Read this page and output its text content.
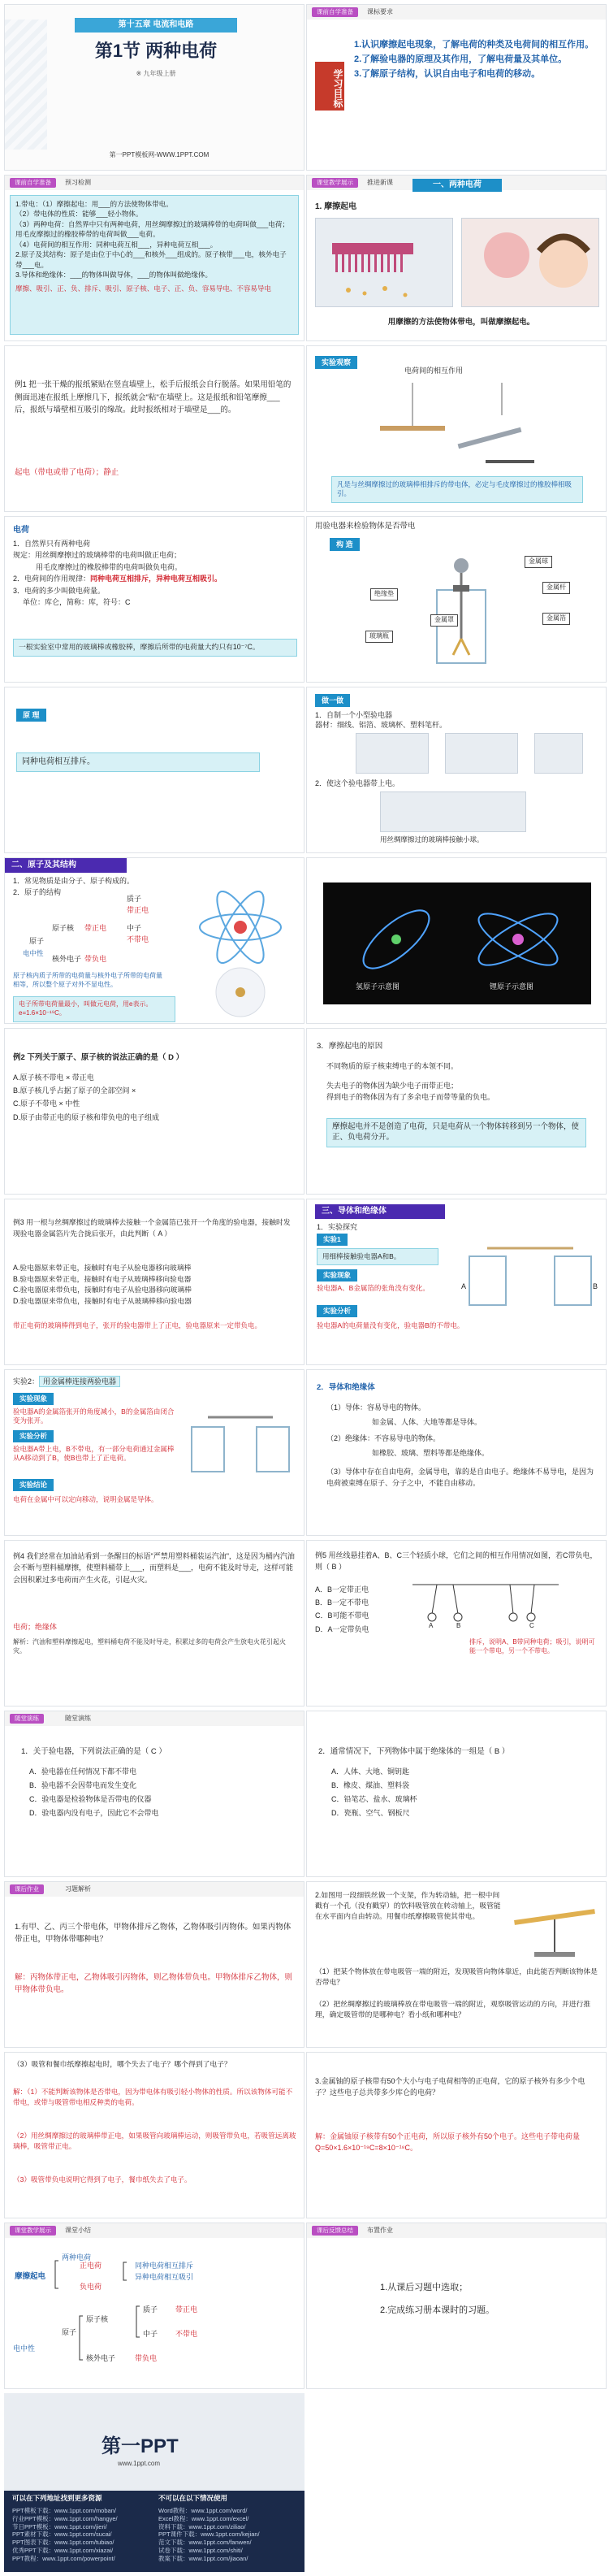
第十五章 电流和电路
第1节 两种电荷
※ 九年级上册
第一PPT模板网-WWW.1PPT.COM
课前自学准备	课标要求
学习目标
1.认识摩擦起电现象，了解电荷的种类及电荷间的相互作用。
2.了解验电器的原理及其作用，了解电荷量及其单位。
3.了解原子结构，认识自由电子和电荷的移动。
课前自学准备	预习检测
1.带电：（1）摩擦起电：用___的方法使物体带电。
（2）带电体的性质：能够___轻小物体。
（3）两种电荷：自然界中只有两种电荷，用丝绸摩擦过的玻璃棒带的电荷叫做___电荷；用毛皮摩擦过的橡胶棒带的电荷叫做___电荷。
（4）电荷间的相互作用：同种电荷互相___，异种电荷互相___。
2.原子及其结构：原子是由位于中心的___和核外___组成的。原子核带___电，核外电子带___电。
3.导体和绝缘体：___的物体叫做导体，___的物体叫做绝缘体。
摩擦、吸引、正、负、排斥、吸引、原子核、电子、正、负、容易导电、不容易导电
课堂教学展示	推进新课	一、两种电荷
1. 摩擦起电
用摩擦的方法使物体带电，叫做摩擦起电。
例1 把一张干燥的报纸紧贴在竖直墙壁上，松手后报纸会自行脱落。如果用铅笔的侧面迅速在报纸上摩擦几下，报纸就会"粘"在墙壁上。这是报纸和铅笔摩擦___后，报纸与墙壁相互吸引的缘故。此时报纸相对于墙壁是___的。
起电（带电或带了电荷）；静止
实验观察
电荷间的相互作用
凡是与丝绸摩擦过的玻璃棒相排斥的带电体，必定与毛皮摩擦过的橡胶棒相吸引。
电荷
1．自然界只有两种电荷
规定：用丝绸摩擦过的玻璃棒带的电荷叫做正电荷；
用毛皮摩擦过的橡胶棒带的电荷叫做负电荷。
2．电荷间的作用规律：同种电荷互相排斥，异种电荷互相吸引。
3．电荷的多少叫做电荷量。
单位：库仑，简称：库，符号：C
一根实验室中常用的玻璃棒或橡胶棒，摩擦后所带的电荷量大约只有10⁻⁷C。
用验电器来检验物体是否带电
构 造
绝缘垫
金属球
金属杆
金属箔
玻璃瓶
金属罩
原 理
同种电荷相互排斥。
做一做
1．自制一个小型验电器
器材：细线、铝箔、玻璃杯、塑料笔杆。
2．使这个验电器带上电。
用丝绸摩擦过的玻璃棒接触小球。
二、原子及其结构
1．常见物质是由分子、原子构成的。
2．原子的结构
原子
电中性
原子核
核外电子
带正电
带负电
质子
带正电
中子
不带电
原子核内质子所带的电荷量与核外电子所带的电荷量相等，所以整个原子对外不显电性。
电子所带电荷量最小，叫做元电荷，用e表示。e=1.6×10⁻¹⁹C。
氢原子示意图	锂原子示意图
例2 下列关于原子、原子核的说法正确的是（ D ）
A.原子核不带电 × 带正电
B.原子核几乎占据了原子的全部空间 ×
C.原子不带电 × 中性
D.原子由带正电的原子核和带负电的电子组成
3．摩擦起电的原因
不同物质的原子核束缚电子的本领不同。
失去电子的物体因为缺少电子而带正电；
得到电子的物体因为有了多余电子而带等量的负电。
摩擦起电并不是创造了电荷，只是电荷从一个物体转移到另一个物体，使正、负电荷分开。
例3 用一根与丝绸摩擦过的玻璃棒去接触一个金属箔已张开一个角度的验电器，接触时发现验电器金属箔片先合拢后张开，由此判断（ A ）
A.验电器原来带正电，接触时有电子从验电器移向玻璃棒
B.验电器原来带正电，接触时有电子从玻璃棒移向验电器
C.验电器原来带负电，接触时有电子从验电器移向玻璃棒
D.验电器原来带负电，接触时有电子从玻璃棒移向验电器
带正电荷的玻璃棒得到电子，张开的验电器带上了正电，验电器原来一定带负电。
三、导体和绝缘体
1．实验探究
实验1
用细棒接触验电器A和B。
实验现象
验电器A、B金属箔的张角没有变化。
实验分析
验电器A的电荷量没有变化，验电器B的不带电。
A	B
实验2： 用金属棒连接两验电器
实验现象
验电器A的金属箔张开的角度减小，B的金属箔由闭合变为张开。
实验分析
验电器A带上电，B不带电，有一部分电荷通过金属棒从A移动到了B，使B也带上了正电荷。
实验结论
电荷在金属中可以定向移动，说明金属是导体。
2．导体和绝缘体
（1）导体：容易导电的物体。
如金属、人体、大地等都是导体。
（2）绝缘体：不容易导电的物体。
如橡胶、玻璃、塑料等都是绝缘体。
（3）导体中存在自由电荷，金属导电，靠的是自由电子。绝缘体不易导电，是因为电荷被束缚在原子、分子之中，不能自由移动。
例4 我们经常在加油站看到一条醒目的标语"严禁用塑料桶装运汽油"，这是因为桶内汽油会不断与塑料桶摩擦，使塑料桶带上___，而塑料是___，电荷不能及时导走，这样可能会因积累过多电荷而产生火花，引起火灾。
电荷；绝缘体
解析：汽油和塑料摩擦起电，塑料桶电荷不能及时导走，积累过多的电荷会产生放电火花引起火灾。
例5 用丝线悬挂着A、B、C三个轻质小球，它们之间的相互作用情况如图，若C带负电，则（ B ）
A．B一定带正电
B．B一定不带电
C．B可能不带电
D．A一定带负电	A	B	C
排斥，说明A、B带同种电荷；吸引，说明可能一个带电，另一个不带电。
随堂演练	随堂演练
1．关于验电器，下列说法正确的是（ C ）
A．验电器在任何情况下都不带电
B．验电器不会因带电而发生变化
C．验电器是检验物体是否带电的仪器
D．验电器内没有电子，因此它不会带电
2．通常情况下，下列物体中属于绝缘体的一组是（ B ）
A．人体、大地、铜钥匙
B．橡皮、煤油、塑料袋
C．铅笔芯、盐水、玻璃杯
D．瓷瓶、空气、钢板尺
课后作业	习题解析
1.有甲、乙、丙三个带电体，甲物体排斥乙物体，乙物体吸引丙物体。如果丙物体带正电，甲物体带哪种电？
解：丙物体带正电，乙物体吸引丙物体，则乙物体带负电。甲物体排斥乙物体，则甲物体带负电。
2.如图用一段细铁丝做一个支架，作为转动轴，把一根中间戳有一个孔（没有戳穿）的饮料吸管放在转动轴上，吸管能在水平面内自由转动。用餐巾纸摩擦吸管使其带电。
（1）把某个物体放在带电吸管一端的附近，发现吸管向物体靠近，由此能否判断该物体是否带电？
（2）把丝绸摩擦过的玻璃棒放在带电吸管一端的附近，观察吸管运动的方向，并进行推理，确定吸管带的是哪种电？看小纸和哪种电？
（3）吸管和餐巾纸摩擦起电时，哪个失去了电子？哪个得到了电子？
解：（1）不能判断该物体是否带电，因为带电体有吸引轻小物体的性质。所以该物体可能不带电，或带与吸管带电相反种类的电荷。
（2）用丝绸摩擦过的玻璃棒带正电，如果吸管向玻璃棒运动，则吸管带负电，若吸管远离玻璃棒，吸管带正电。
（3）吸管带负电说明它得到了电子，餐巾纸失去了电子。
3.金属铀的原子核带有50个大小与电子电荷相等的正电荷，它的原子核外有多少个电子？这些电子总共带多少库仑的电荷？
解：金属铀原子核带有50个正电荷，所以原子核外有50个电子。这些电子带电荷量Q=50×1.6×10⁻¹⁹C=8×10⁻¹⁸C。
课堂教学展示	课堂小结
两种电荷
摩擦起电
正电荷
负电荷
同种电荷相互排斥
异种电荷相互吸引
原子
电中性
原子核
核外电子
质子
中子
带正电
不带电
带负电
课后反馈总结	布置作业
1.从课后习题中选取；
2.完成练习册本课时的习题。
第一PPT
www.1ppt.com
可以在下列地址找到更多资源	不可以在以下情况使用
PPT模板下载：www.1ppt.com/moban/
行业PPT模板：www.1ppt.com/hangye/
节日PPT模板：www.1ppt.com/jieri/
PPT素材下载：www.1ppt.com/sucai/
PPT图表下载：www.1ppt.com/tubiao/
优秀PPT下载：www.1ppt.com/xiazai/
PPT教程：www.1ppt.com/powerpoint/
Word教程：www.1ppt.com/word/
Excel教程：www.1ppt.com/excel/
资料下载：www.1ppt.com/ziliao/
PPT课件下载：www.1ppt.com/kejian/
范文下载：www.1ppt.com/fanwen/
试卷下载：www.1ppt.com/shiti/
教案下载：www.1ppt.com/jiaoan/
